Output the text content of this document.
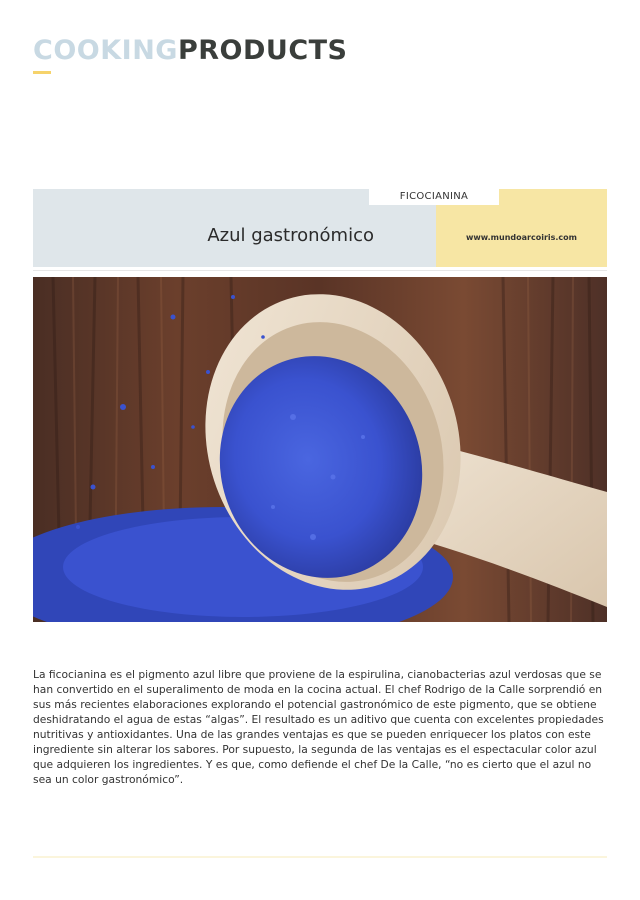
COOKINGPRODUCTS
FICOCIANINA
Azul gastronómico	www.mundoarcoiris.com

La ficocianina es el pigmento azul libre que proviene de la espirulina, cianobacterias azul verdosas que se han convertido en el superalimento de moda en la cocina actual. El chef Rodrigo de la Calle sorprendió en sus más recientes elaboraciones explorando el potencial gastronómico de este pigmento, que se obtiene deshidratando el agua de estas “algas”. El resultado es un aditivo que cuenta con excelentes propiedades nutritivas y antioxidantes. Una de las grandes ventajas es que se pueden enriquecer los platos con este ingrediente sin alterar los sabores. Por supuesto, la segunda de las ventajas es el espectacular color azul que adquieren los ingredientes. Y es que, como defiende el chef De la Calle, “no es cierto que el azul no sea un color gastronómico”.
